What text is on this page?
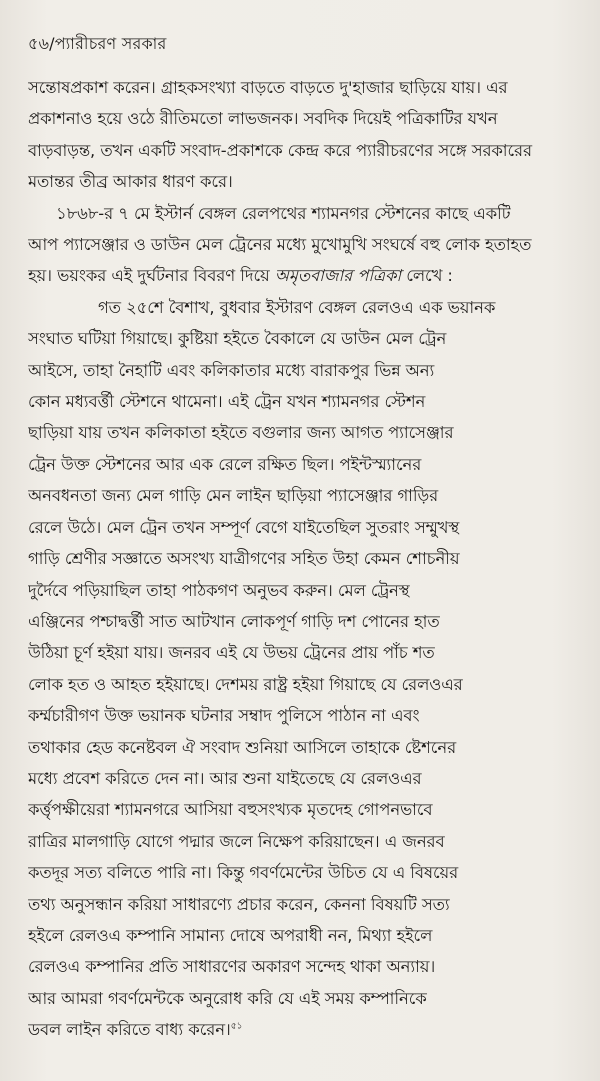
৫৬/প্যারীচরণ সরকার

সন্তোষপ্রকাশ করেন। গ্রাহকসংখ্যা বাড়তে বাড়তে দু'হাজার ছাড়িয়ে যায়। এর
প্রকাশনাও হয়ে ওঠে রীতিমতো লাভজনক। সবদিক দিয়েই পত্রিকাটির যখন
বাড়বাড়ন্ত, তখন একটি সংবাদ-প্রকাশকে কেন্দ্র করে প্যারীচরণের সঙ্গে সরকারের
মতান্তর তীব্র আকার ধারণ করে।

১৮৬৮-র ৭ মে ইস্টার্ন বেঙ্গল রেলপথের শ্যামনগর স্টেশনের কাছে একটি
আপ প্যাসেঞ্জার ও ডাউন মেল ট্রেনের মধ্যে মুখোমুখি সংঘর্ষে বহু লোক হতাহত
হয়। ভয়ংকর এই দুর্ঘটনার বিবরণ দিয়ে অমৃতবাজার পত্রিকা লেখে :

গত ২৫শে বৈশাখ, বুধবার ইস্টারণ বেঙ্গল রেলওএ এক ভয়ানক
সংঘাত ঘটিয়া গিয়াছে। কুষ্টিয়া হইতে বৈকালে যে ডাউন মেল ট্রেন
আইসে, তাহা নৈহাটি এবং কলিকাতার মধ্যে বারাকপুর ভিন্ন অন্য
কোন মধ্যবর্ত্তী স্টেশনে থামেনা। এই ট্রেন যখন শ্যামনগর স্টেশন
ছাড়িয়া যায় তখন কলিকাতা হইতে বগুলার জন্য আগত প্যাসেঞ্জার
ট্রেন উক্ত স্টেশনের আর এক রেলে রক্ষিত ছিল। পইন্টস্ম্যানের
অনবধনতা জন্য মেল গাড়ি মেন লাইন ছাড়িয়া প্যাসেঞ্জার গাড়ির
রেলে উঠে। মেল ট্রেন তখন সম্পূর্ণ বেগে যাইতেছিল সুতরাং সম্মুখস্থ
গাড়ি শ্রেণীর সজ্ঞাতে অসংখ্য যাত্রীগণের সহিত উহা কেমন শোচনীয়
দুর্দৈবে পড়িয়াছিল তাহা পাঠকগণ অনুভব করুন। মেল ট্রেনস্থ
এঞ্জিনের পশ্চাদ্বর্ত্তী সাত আটখান লোকপূর্ণ গাড়ি দশ পোনের হাত
উঠিয়া চূর্ণ হইয়া যায়। জনরব এই যে উভয় ট্রেনের প্রায় পাঁচ শত
লোক হত ও আহত হইয়াছে। দেশময় রাষ্ট্র হইয়া গিয়াছে যে রেলওএর
কর্ম্মচারীগণ উক্ত ভয়ানক ঘটনার সম্বাদ পুলিসে পাঠান না এবং
তথাকার হেড কনেষ্টবল ঐ সংবাদ শুনিয়া আসিলে তাহাকে ষ্টেশনের
মধ্যে প্রবেশ করিতে দেন না। আর শুনা যাইতেছে যে রেলওএর
কর্ত্তৃপক্ষীয়েরা শ্যামনগরে আসিয়া বহুসংখ্যক মৃতদেহ গোপনভাবে
রাত্রির মালগাড়ি যোগে পদ্মার জলে নিক্ষেপ করিয়াছেন। এ জনরব
কতদূর সত্য বলিতে পারি না। কিন্তু গবর্ণমেন্টের উচিত যে এ বিষয়ের
তথ্য অনুসন্ধান করিয়া সাধারণ্যে প্রচার করেন, কেননা বিষয়টি সত্য
হইলে রেলওএ কম্পানি সামান্য দোষে অপরাধী নন, মিথ্যা হইলে
রেলওএ কম্পানির প্রতি সাধারণের অকারণ সন্দেহ থাকা অন্যায়।
আর আমরা গবর্ণমেন্টকে অনুরোধ করি যে এই সময় কম্পানিকে
ডবল লাইন করিতে বাধ্য করেন।$^{৫১}$
